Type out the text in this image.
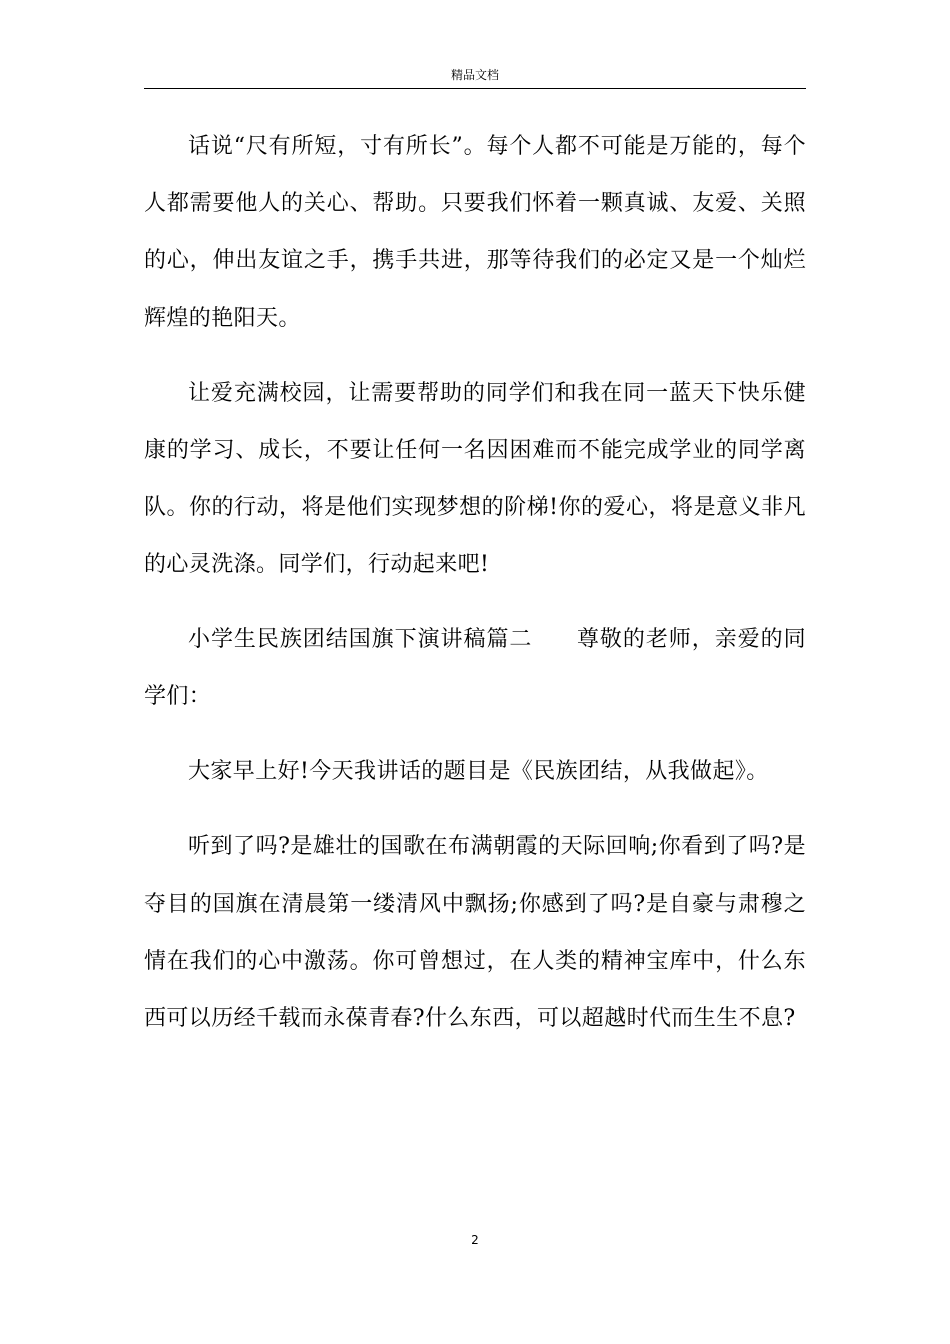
精品文档

话说“尺有所短，寸有所长”。每个人都不可能是万能的，每个人都需要他人的关心、帮助。只要我们怀着一颗真诚、友爱、关照的心，伸出友谊之手，携手共进，那等待我们的必定又是一个灿烂辉煌的艳阳天。

让爱充满校园，让需要帮助的同学们和我在同一蓝天下快乐健康的学习、成长，不要让任何一名因困难而不能完成学业的同学离队。你的行动，将是他们实现梦想的阶梯!你的爱心，将是意义非凡的心灵洗涤。同学们，行动起来吧!

小学生民族团结国旗下演讲稿篇二 尊敬的老师，亲爱的同学们：

大家早上好!今天我讲话的题目是《民族团结，从我做起》。

听到了吗?是雄壮的国歌在布满朝霞的天际回响;你看到了吗?是夺目的国旗在清晨第一缕清风中飘扬;你感到了吗?是自豪与肃穆之情在我们的心中激荡。你可曾想过，在人类的精神宝库中，什么东西可以历经千载而永葆青春?什么东西，可以超越时代而生生不息?

2
